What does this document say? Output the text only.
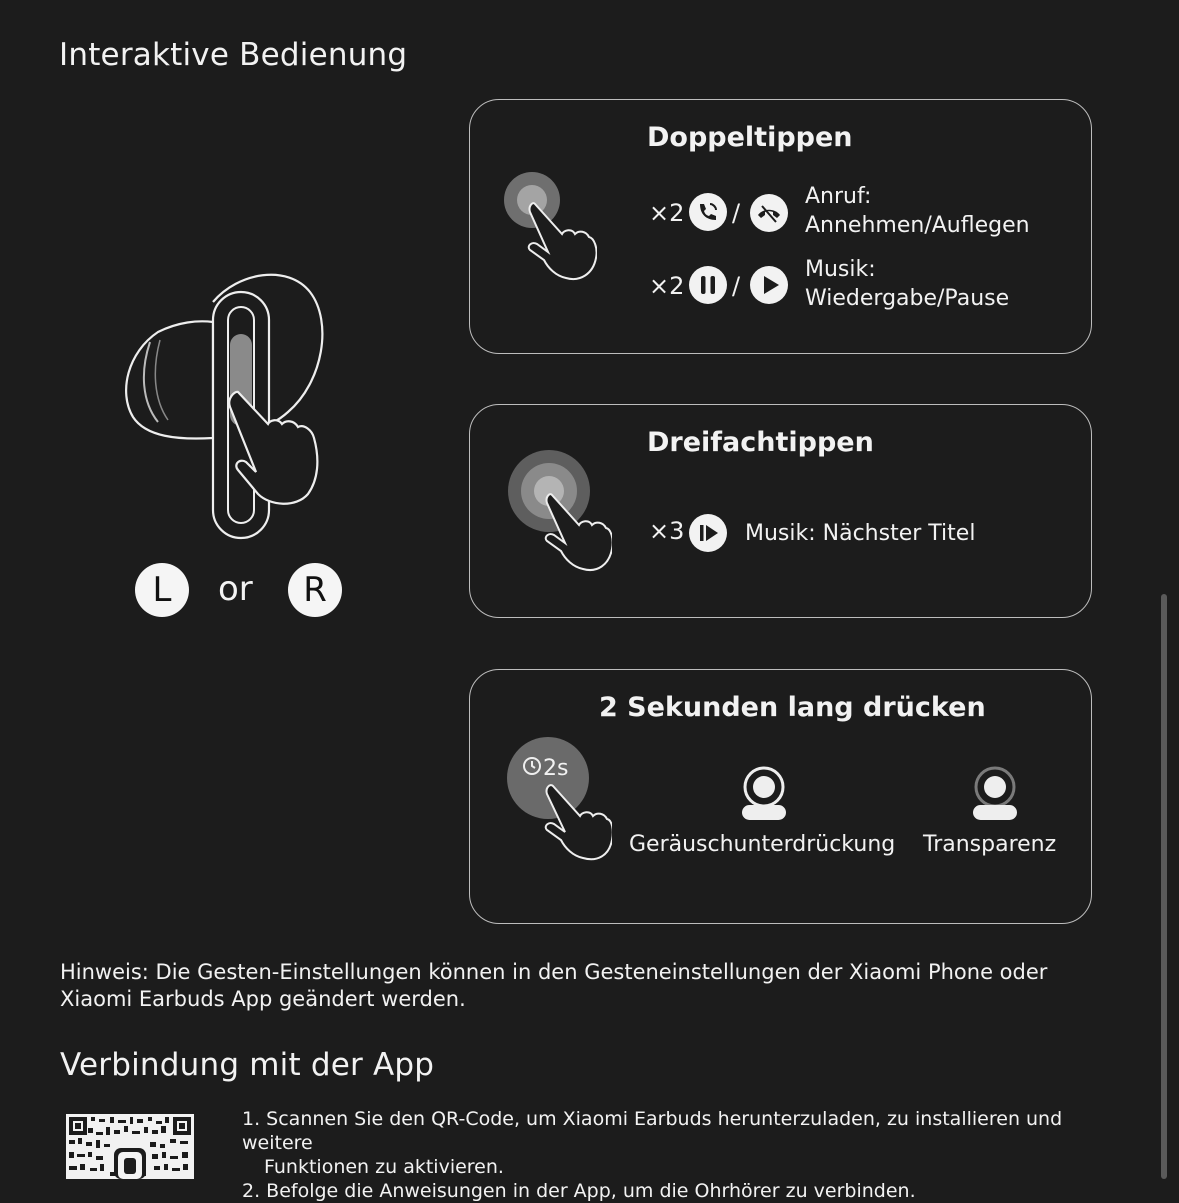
Interaktive Bedienung
L	or	R
Doppeltippen
×2 /
Anruf:
Annehmen/Auflegen
×2 /
Musik:
Wiedergabe/Pause
Dreifachtippen
×3	Musik: Nächster Titel
2 Sekunden lang drücken
2s
Geräuschunterdrückung Transparenz
Hinweis: Die Gesten-Einstellungen können in den Gesteneinstellungen der Xiaomi Phone oder Xiaomi Earbuds App geändert werden.
Verbindung mit der App
1. Scannen Sie den QR-Code, um Xiaomi Earbuds herunterzuladen, zu installieren und weitere
Funktionen zu aktivieren.
2. Befolge die Anweisungen in der App, um die Ohrhörer zu verbinden.
